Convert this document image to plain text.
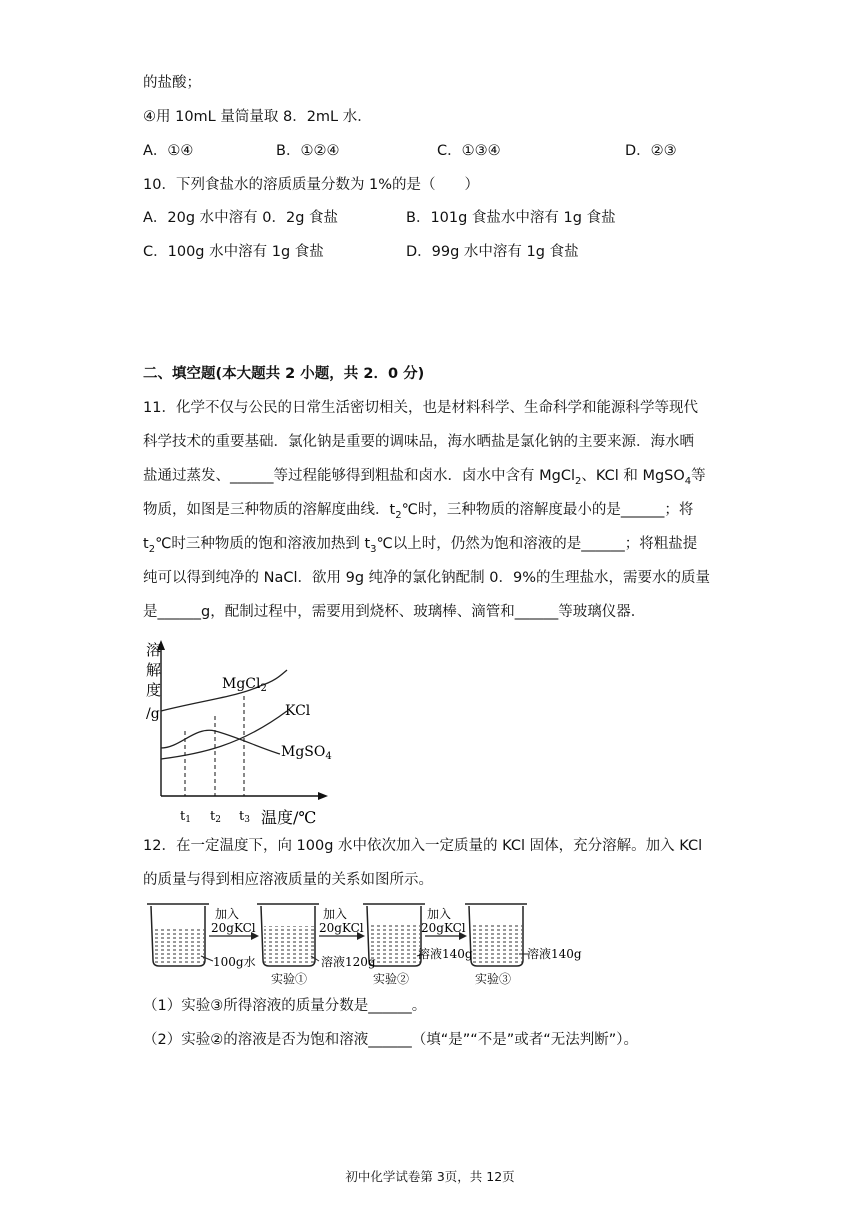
的盐酸；
④用 10mL 量筒量取 8．2mL 水．
A．①④	B．①②④	C．①③④	D．②③
10．下列食盐水的溶质质量分数为 1%的是（　　）
A．20g 水中溶有 0．2g 食盐	B．101g 食盐水中溶有 1g 食盐
C．100g 水中溶有 1g 食盐	D．99g 水中溶有 1g 食盐
二、填空题(本大题共 2 小题，共 2．0 分)
11．化学不仅与公民的日常生活密切相关，也是材料科学、生命科学和能源科学等现代
科学技术的重要基础．氯化钠是重要的调味品，海水晒盐是氯化钠的主要来源．海水晒
盐通过蒸发、______等过程能够得到粗盐和卤水．卤水中含有 MgCl$_2$、KCl 和 MgSO$_4$等
物质，如图是三种物质的溶解度曲线．$t_2℃$时，三种物质的溶解度最小的是______；将
$t_2℃$时三种物质的饱和溶液加热到 $t_3℃$以上时，仍然为饱和溶液的是______；将粗盐提
纯可以得到纯净的 NaCl．欲用 9g 纯净的氯化钠配制 0．9%的生理盐水，需要水的质量
是______g，配制过程中，需要用到烧杯、玻璃棒、滴管和______等玻璃仪器．
溶
解
度
/g
MgCl$_2$
KCl
MgSO$_4$
t1 t2 t3 温度/℃
12．在一定温度下，向 100g 水中依次加入一定质量的 KCl 固体，充分溶解。加入 KCl
的质量与得到相应溶液质量的关系如图所示。
加入
20gKCl
加入
20gKCl
加入
20gKCl
100g水	溶液120g
溶液140g	溶液140g
实验①	实验②	实验③
（1）实验③所得溶液的质量分数是______。
（2）实验②的溶液是否为饱和溶液______（填“是”“不是”或者“无法判断”）。
初中化学试卷第 3页，共 12页
